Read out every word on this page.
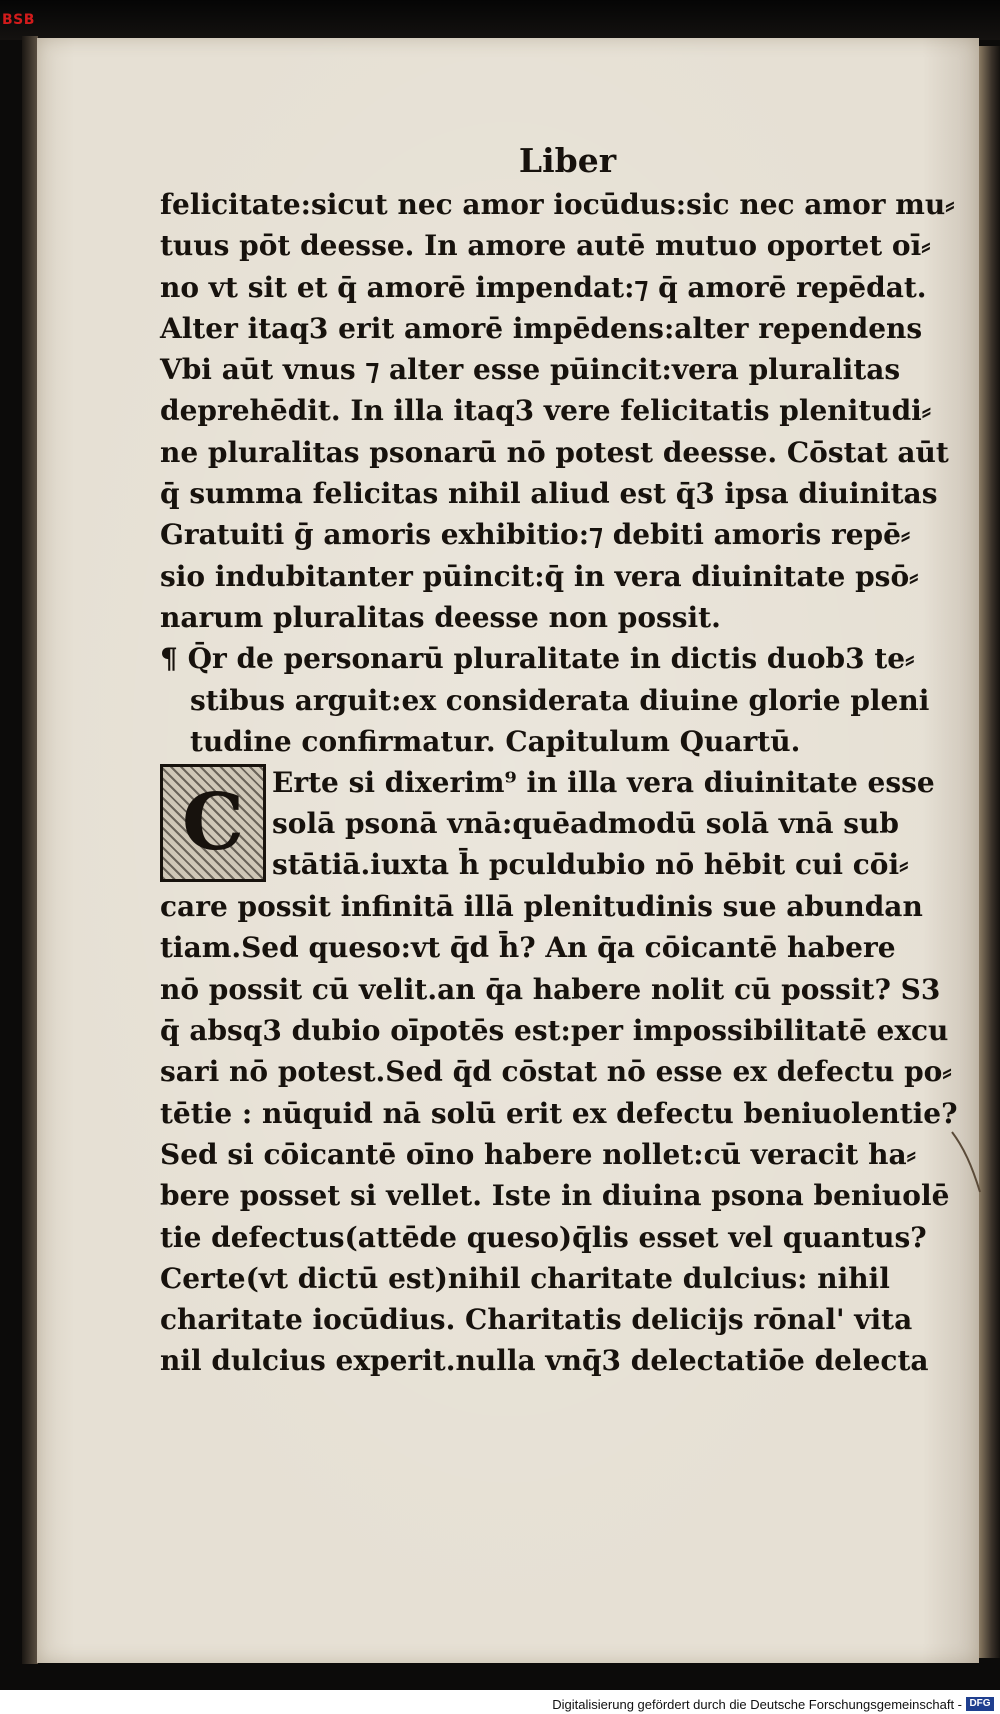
BSB
Liber
felicitate:sicut nec amor iocūdus:sic nec amor mu⸗
tuus pōt deesse. In amore autē mutuo oportet oī⸗
no vt sit et q̄ amorē impendat:⁊ q̄ amorē repēdat.
Alter itaq3 erit amorē impēdens:alter rependens
Vbi aūt vnus ⁊ alter esse pūincit:vera pluralitas
deprehēdit. In illa itaq3 vere felicitatis plenitudi⸗
ne pluralitas psonarū nō potest deesse. Cōstat aūt
q̄ summa felicitas nihil aliud est q̄3 ipsa diuinitas
Gratuiti ḡ amoris exhibitio:⁊ debiti amoris repē⸗
sio indubitanter pūincit:q̄ in vera diuinitate psō⸗
narum pluralitas deesse non possit.
¶ Q̄r de personarū pluralitate in dictis duob3 te⸗
stibus arguit:ex considerata diuine glorie pleni
tudine confirmatur. Capitulum Quartū.
C Erte si dixerim⁹ in illa vera diuinitate esse
solā psonā vnā:quēadmodū solā vnā sub
stātiā.iuxta h̄ pculdubio nō hēbit cui cōi⸗
care possit infinitā illā plenitudinis sue abundan
tiam.Sed queso:vt q̄d h̄? An q̄a cōicantē habere
nō possit cū velit.an q̄a habere nolit cū possit? S3
q̄ absq3 dubio oīpotēs est:per impossibilitatē excu
sari nō potest.Sed q̄d cōstat nō esse ex defectu po⸗
tētie : nūquid nā solū erit ex defectu beniuolentie?
Sed si cōicantē oīno habere nollet:cū veracit ha⸗
bere posset si vellet. Iste in diuina psona beniuolē
tie defectus(attēde queso)q̄lis esset vel quantus?
Certe(vt dictū est)nihil charitate dulcius: nihil
charitate iocūdius. Charitatis delicijs rōnal' vita
nil dulcius experit.nulla vnq̄3 delectatiōe delecta
Digitalisierung gefördert durch die Deutsche Forschungsgemeinschaft - DFG
